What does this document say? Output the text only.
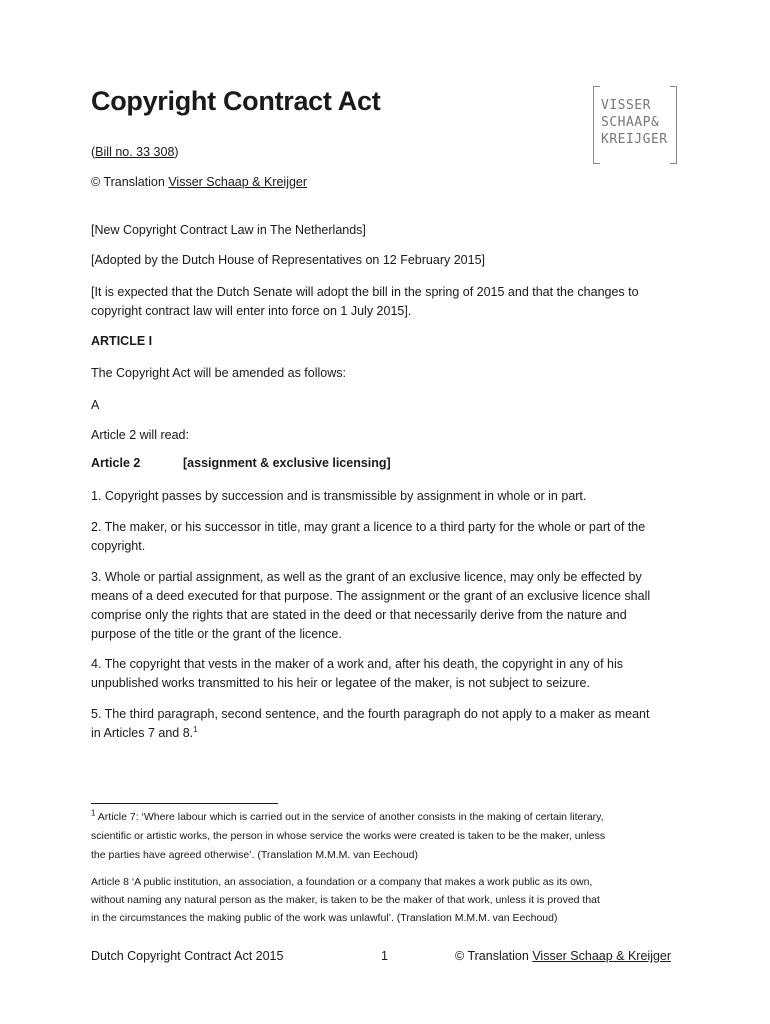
Copyright Contract Act	VISSER
SCHAAP&
KREIJGER
(Bill no. 33 308)
© Translation Visser Schaap & Kreijger
[New Copyright Contract Law in The Netherlands]
[Adopted by the Dutch House of Representatives on 12 February 2015]
[It is expected that the Dutch Senate will adopt the bill in the spring of 2015 and that the changes to
copyright contract law will enter into force on 1 July 2015].
ARTICLE I
The Copyright Act will be amended as follows:
A
Article 2 will read:
Article 2	[assignment & exclusive licensing]
1. Copyright passes by succession and is transmissible by assignment in whole or in part.
2. The maker, or his successor in title, may grant a licence to a third party for the whole or part of the
copyright.
3. Whole or partial assignment, as well as the grant of an exclusive licence, may only be effected by
means of a deed executed for that purpose. The assignment or the grant of an exclusive licence shall
comprise only the rights that are stated in the deed or that necessarily derive from the nature and
purpose of the title or the grant of the licence.
4. The copyright that vests in the maker of a work and, after his death, the copyright in any of his
unpublished works transmitted to his heir or legatee of the maker, is not subject to seizure.
5. The third paragraph, second sentence, and the fourth paragraph do not apply to a maker as meant
in Articles 7 and 8.$^1$
$^1$ Article 7: ‘Where labour which is carried out in the service of another consists in the making of certain literary,
scientific or artistic works, the person in whose service the works were created is taken to be the maker, unless
the parties have agreed otherwise’. (Translation M.M.M. van Eechoud)
Article 8 ‘A public institution, an association, a foundation or a company that makes a work public as its own,
without naming any natural person as the maker, is taken to be the maker of that work, unless it is proved that
in the circumstances the making public of the work was unlawful’. (Translation M.M.M. van Eechoud)
Dutch Copyright Contract Act 2015	1	© Translation Visser Schaap & Kreijger
